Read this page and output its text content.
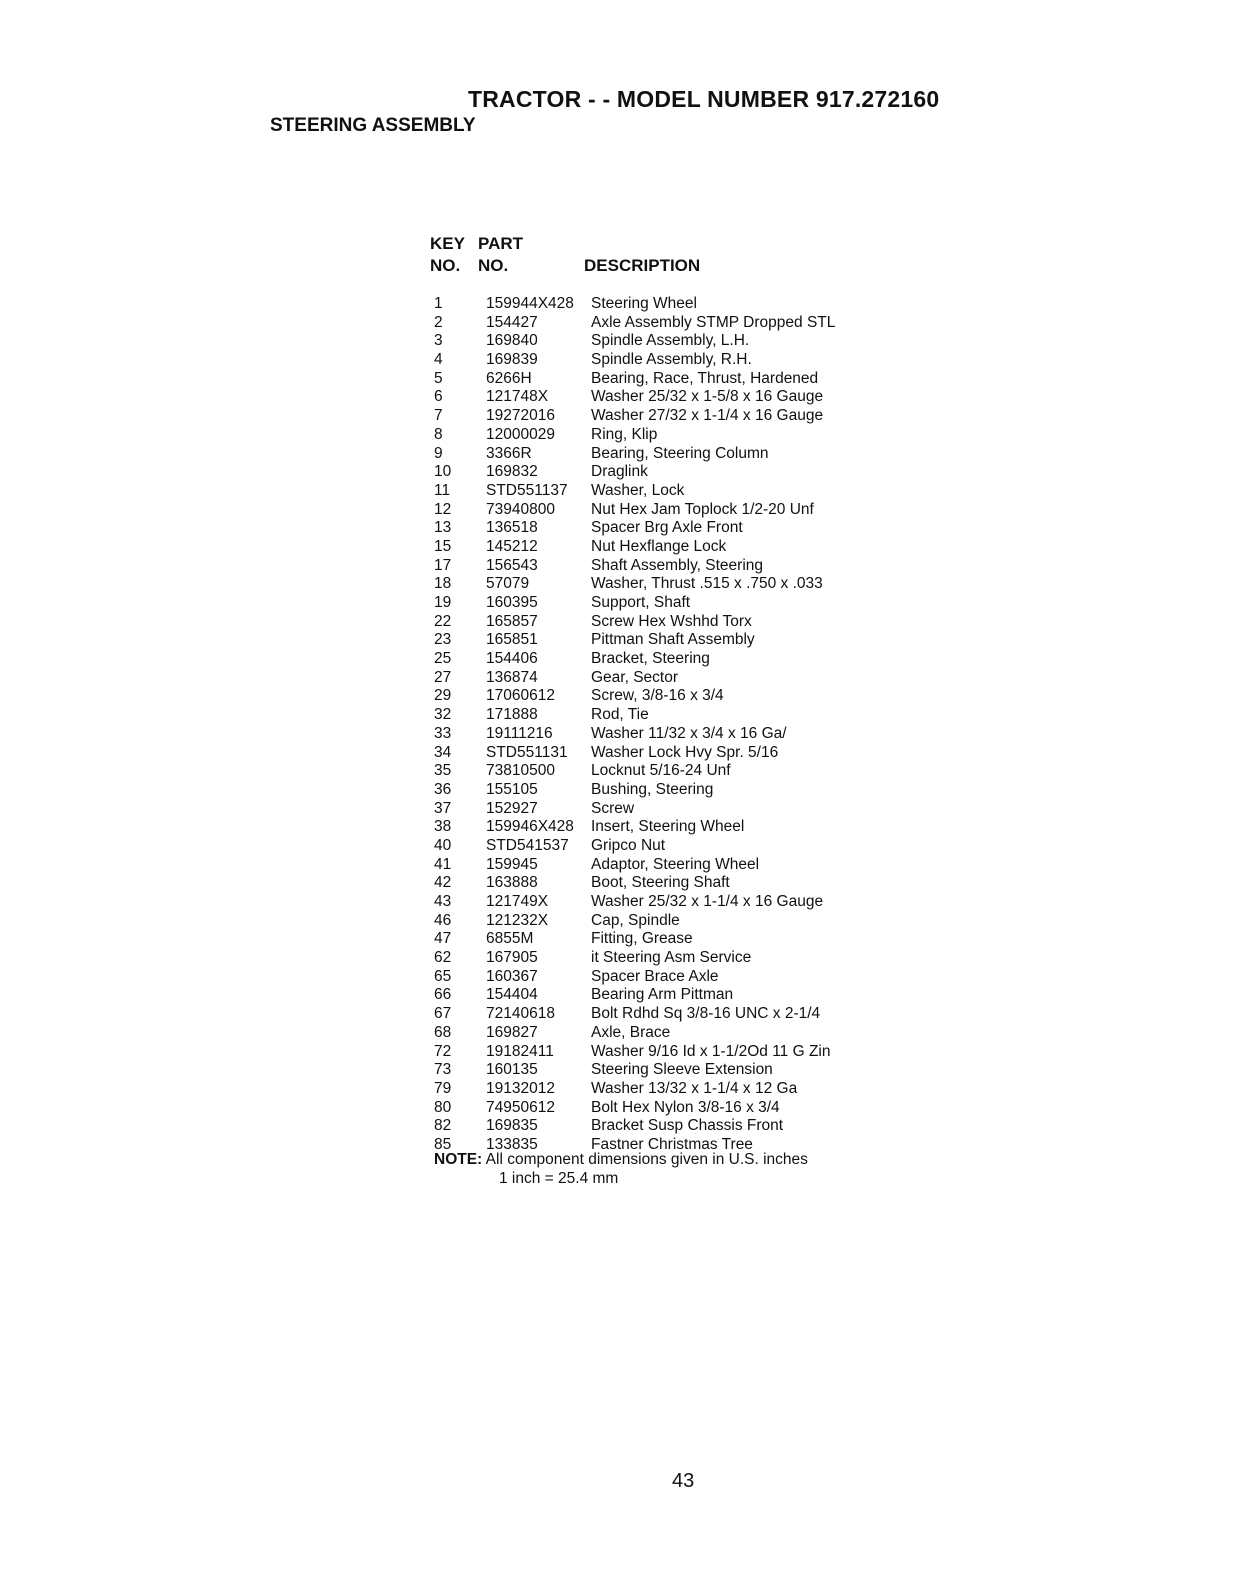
TRACTOR - - MODEL NUMBER 917.272160
STEERING ASSEMBLY
KEY
NO.
PART
NO.	DESCRIPTION
1	159944X428 Steering Wheel
2	154427	Axle Assembly STMP Dropped STL
3	169840	Spindle Assembly, L.H.
4	169839	Spindle Assembly, R.H.
5	6266H	Bearing, Race, Thrust, Hardened
6	121748X	Washer 25/32 x 1-5/8 x 16 Gauge
7	19272016 Washer 27/32 x 1-1/4 x 16 Gauge
8	12000029 Ring, Klip
9	3366R	Bearing, Steering Column
10 169832	Draglink
11 STD551137 Washer, Lock
12 73940800 Nut Hex Jam Toplock 1/2-20 Unf
13 136518	Spacer Brg Axle Front
15 145212	Nut Hexflange Lock
17 156543	Shaft Assembly, Steering
18 57079	Washer, Thrust .515 x .750 x .033
19 160395	Support, Shaft
22 165857	Screw Hex Wshhd Torx
23 165851	Pittman Shaft Assembly
25 154406	Bracket, Steering
27 136874	Gear, Sector
29 17060612 Screw, 3/8-16 x 3/4
32 171888	Rod, Tie
33 19111216 Washer 11/32 x 3/4 x 16 Ga/
34 STD551131 Washer Lock Hvy Spr. 5/16
35 73810500 Locknut 5/16-24 Unf
36 155105	Bushing, Steering
37 152927	Screw
38 159946X428 Insert, Steering Wheel
40 STD541537 Gripco Nut
41 159945	Adaptor, Steering Wheel
42 163888	Boot, Steering Shaft
43 121749X	Washer 25/32 x 1-1/4 x 16 Gauge
46 121232X	Cap, Spindle
47 6855M	Fitting, Grease
62 167905	it Steering Asm Service
65 160367	Spacer Brace Axle
66 154404	Bearing Arm Pittman
67 72140618 Bolt Rdhd Sq 3/8-16 UNC x 2-1/4
68 169827	Axle, Brace
72 19182411 Washer 9/16 Id x 1-1/2Od 11 G Zin
73 160135	Steering Sleeve Extension
79 19132012 Washer 13/32 x 1-1/4 x 12 Ga
80 74950612 Bolt Hex Nylon 3/8-16 x 3/4
82 169835	Bracket Susp Chassis Front
85 133835	Fastner Christmas Tree
NOTE: All component dimensions given in U.S. inches
1 inch = 25.4 mm
43
